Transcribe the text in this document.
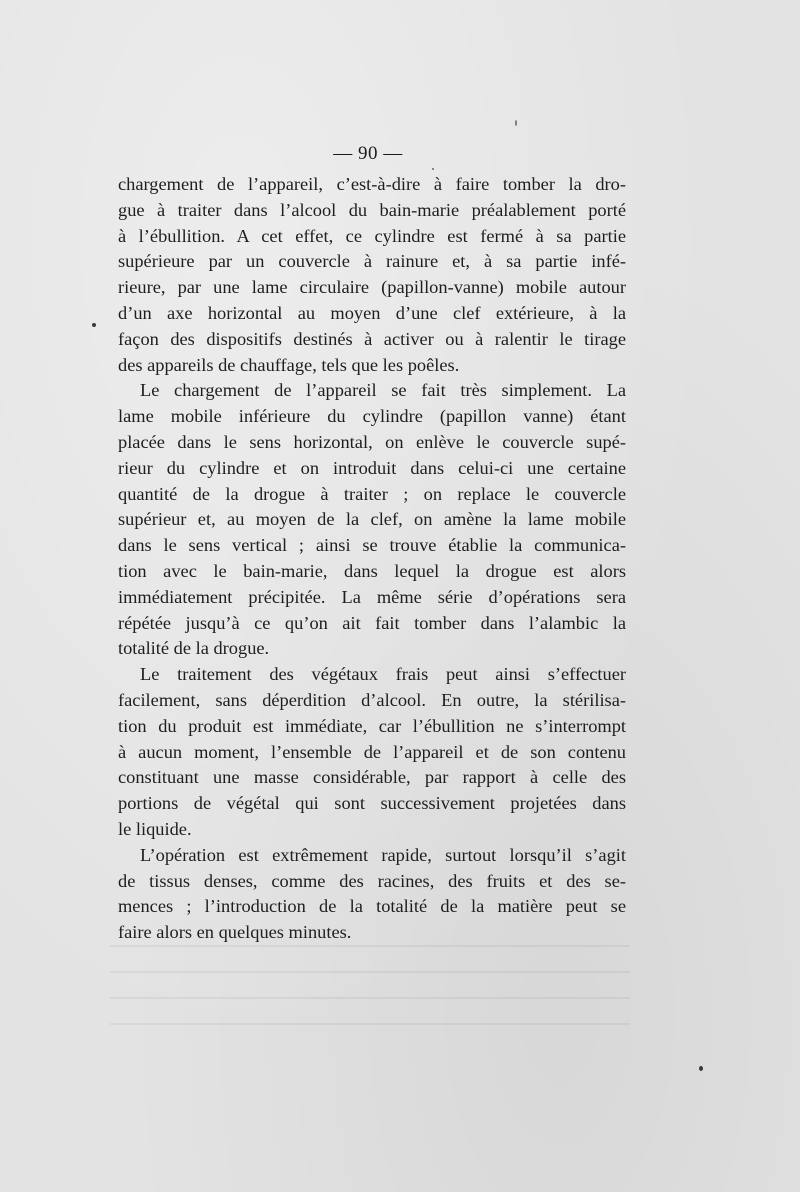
— 90 —
chargement de l’appareil, c’est-à-dire à faire tomber la dro-
gue à traiter dans l’alcool du bain-marie préalablement porté
à l’ébullition. A cet effet, ce cylindre est fermé à sa partie
supérieure par un couvercle à rainure et, à sa partie infé-
rieure, par une lame circulaire (papillon-vanne) mobile autour
d’un axe horizontal au moyen d’une clef extérieure, à la
façon des dispositifs destinés à activer ou à ralentir le tirage
des appareils de chauffage, tels que les poêles.
Le chargement de l’appareil se fait très simplement. La
lame mobile inférieure du cylindre (papillon vanne) étant
placée dans le sens horizontal, on enlève le couvercle supé-
rieur du cylindre et on introduit dans celui-ci une certaine
quantité de la drogue à traiter ; on replace le couvercle
supérieur et, au moyen de la clef, on amène la lame mobile
dans le sens vertical ; ainsi se trouve établie la communica-
tion avec le bain-marie, dans lequel la drogue est alors
immédiatement précipitée. La même série d’opérations sera
répétée jusqu’à ce qu’on ait fait tomber dans l’alambic la
totalité de la drogue.
Le traitement des végétaux frais peut ainsi s’effectuer
facilement, sans déperdition d’alcool. En outre, la stérilisa-
tion du produit est immédiate, car l’ébullition ne s’interrompt
à aucun moment, l’ensemble de l’appareil et de son contenu
constituant une masse considérable, par rapport à celle des
portions de végétal qui sont successivement projetées dans
le liquide.
L’opération est extrêmement rapide, surtout lorsqu’il s’agit
de tissus denses, comme des racines, des fruits et des se-
mences ; l’introduction de la totalité de la matière peut se
faire alors en quelques minutes.
